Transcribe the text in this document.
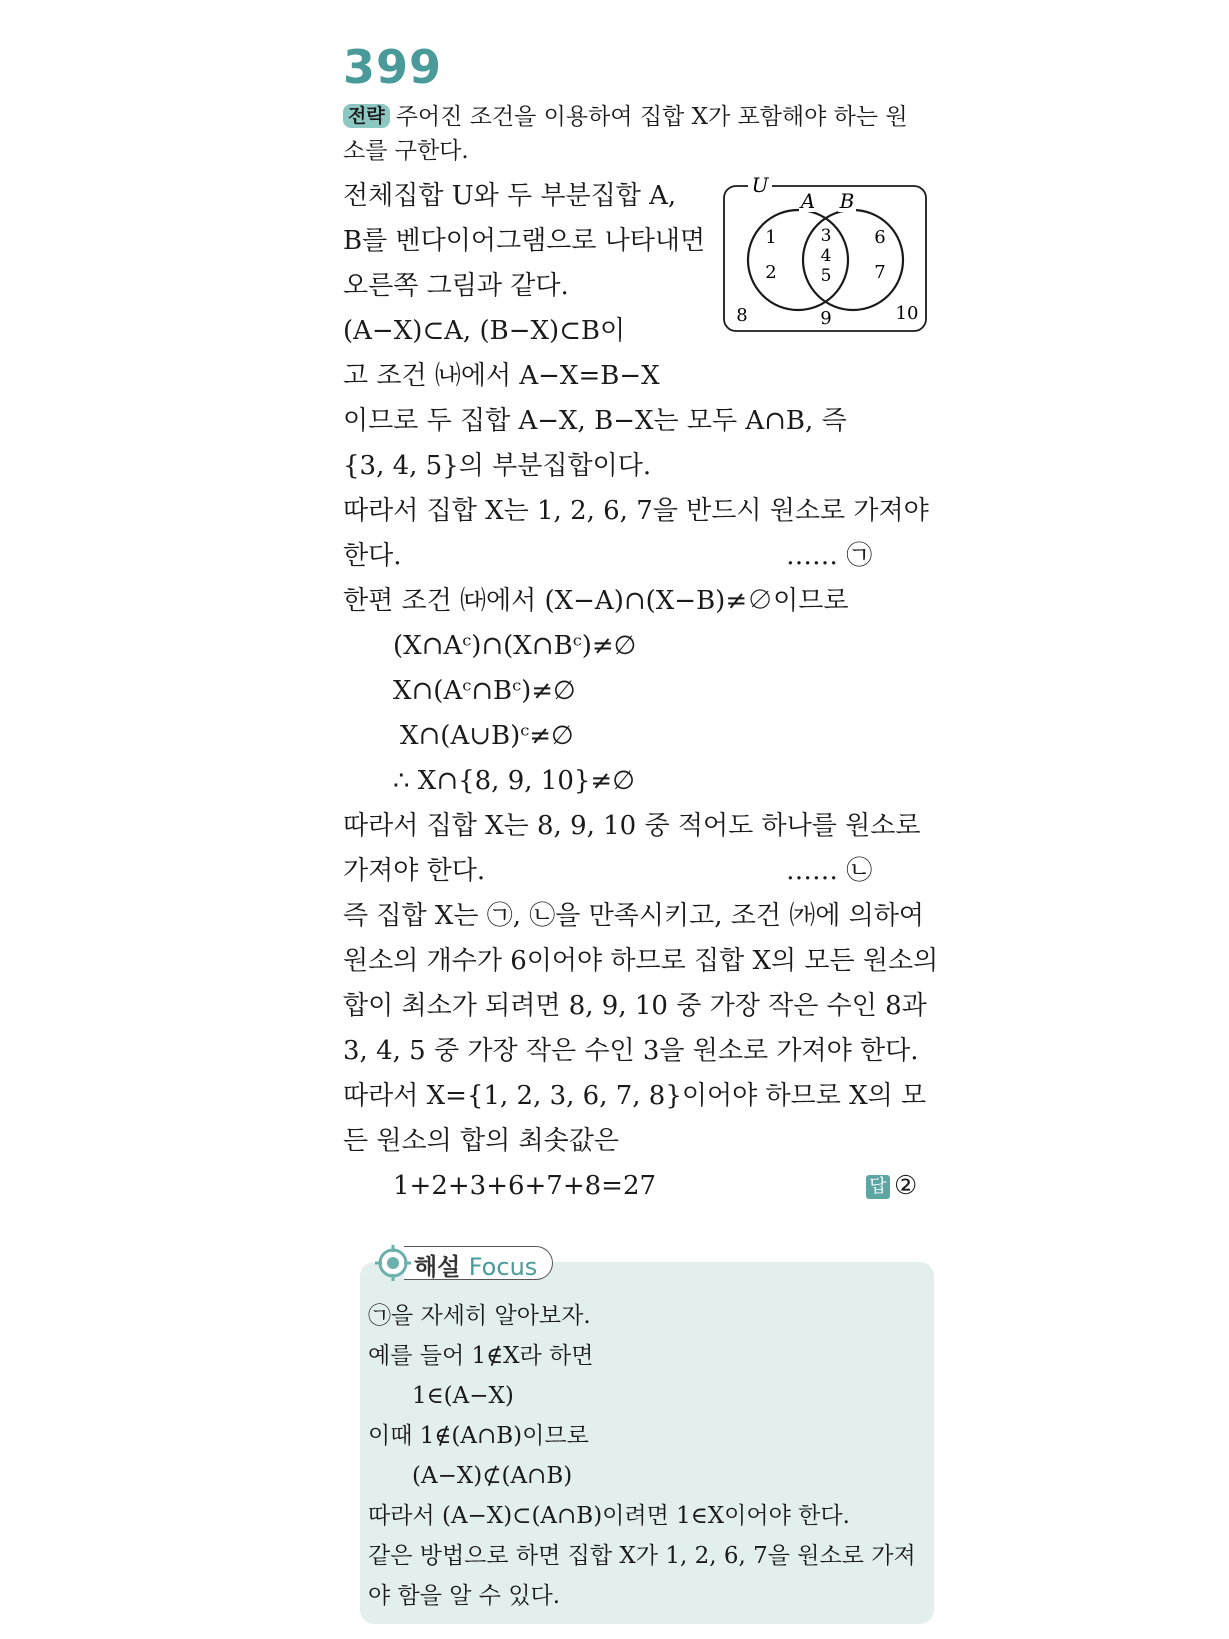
399
전략 주어진 조건을 이용하여 집합 X가 포함해야 하는 원소를 구한다.
U
A B
1
2
3
4
5
6
7
8	9	10
전체집합 U와 두 부분집합 A,
B를 벤다이어그램으로 나타내면
오른쪽 그림과 같다.
(A−X)⊂A, (B−X)⊂B이
고 조건 ㈏에서 A−X=B−X
이므로 두 집합 A−X, B−X는 모두 A∩B, 즉
{3, 4, 5}의 부분집합이다.
따라서 집합 X는 1, 2, 6, 7을 반드시 원소로 가져야
한다.	…… ㉠
한편 조건 ㈐에서 (X−A)∩(X−B)≠∅이므로
(X∩Aᶜ)∩(X∩Bᶜ)≠∅
X∩(Aᶜ∩Bᶜ)≠∅
X∩(A∪B)ᶜ≠∅
∴ X∩{8, 9, 10}≠∅
따라서 집합 X는 8, 9, 10 중 적어도 하나를 원소로
가져야 한다.	…… ㉡
즉 집합 X는 ㉠, ㉡을 만족시키고, 조건 ㈎에 의하여
원소의 개수가 6이어야 하므로 집합 X의 모든 원소의
합이 최소가 되려면 8, 9, 10 중 가장 작은 수인 8과
3, 4, 5 중 가장 작은 수인 3을 원소로 가져야 한다.
따라서 X={1, 2, 3, 6, 7, 8}이어야 하므로 X의 모
든 원소의 합의 최솟값은
1+2+3+6+7+8=27	답 ②
해설 Focus
㉠을 자세히 알아보자.
예를 들어 1∉X라 하면
1∈(A−X)
이때 1∉(A∩B)이므로
(A−X)⊄(A∩B)
따라서 (A−X)⊂(A∩B)이려면 1∈X이어야 한다.
같은 방법으로 하면 집합 X가 1, 2, 6, 7을 원소로 가져
야 함을 알 수 있다.
